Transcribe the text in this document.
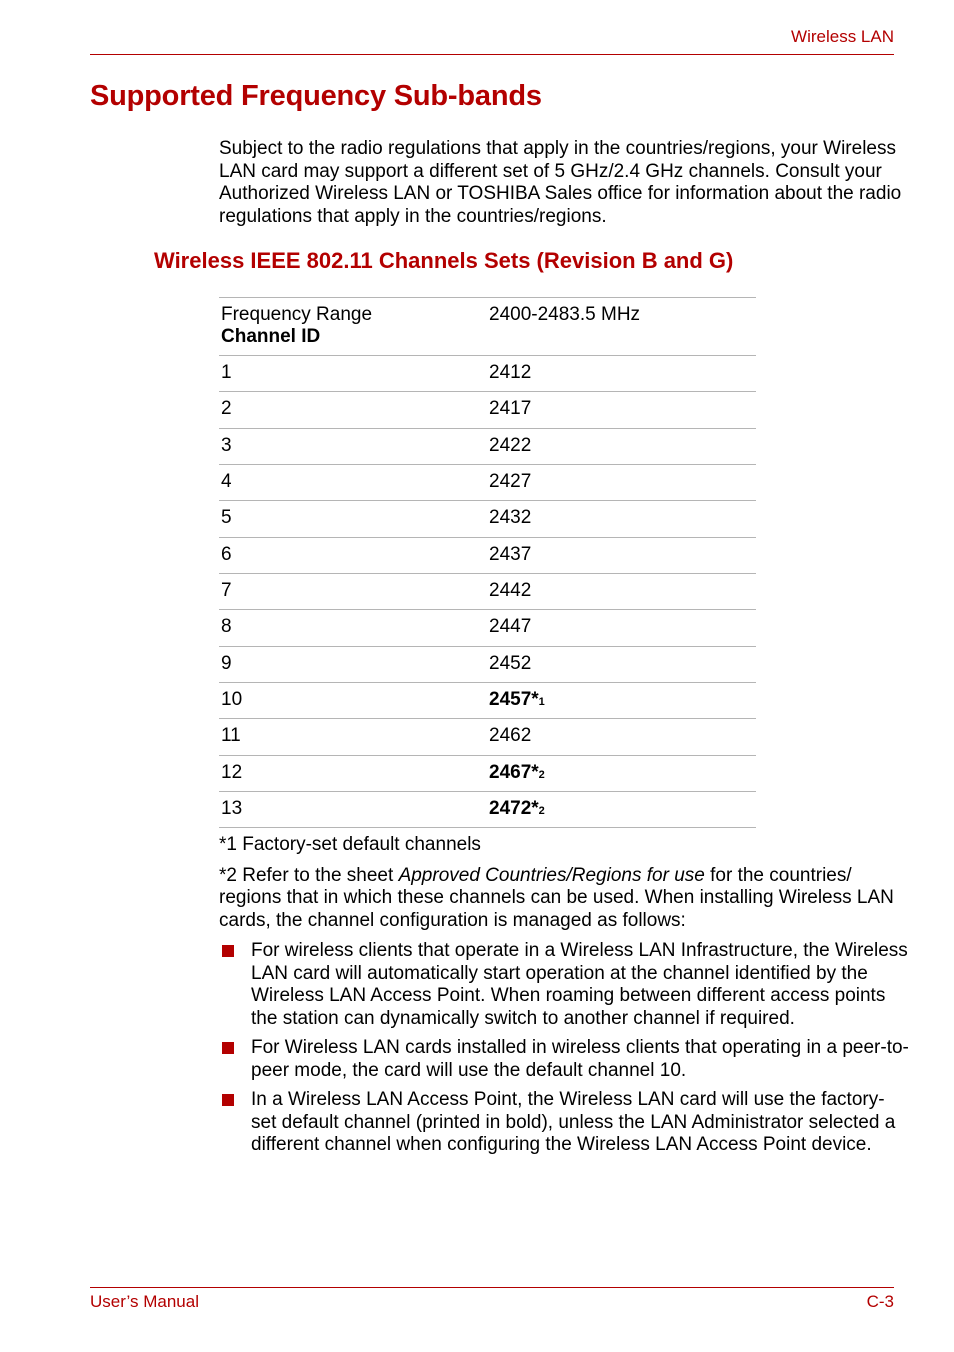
Wireless LAN
Supported Frequency Sub-bands

Subject to the radio regulations that apply in the countries/regions, your Wireless LAN card may support a different set of 5 GHz/2.4 GHz channels. Consult your Authorized Wireless LAN or TOSHIBA Sales office for information about the radio regulations that apply in the countries/regions.

Wireless IEEE 802.11 Channels Sets (Revision B and G)
Frequency Range
Channel ID	2400-2483.5 MHz
1	2412
2	2417
3	2422
4	2427
5	2432
6	2437
7	2442
8	2447
9	2452
10	2457*1
11	2462
12	2467*2
13	2472*2

*1 Factory-set default channels

*2 Refer to the sheet Approved Countries/Regions for use for the countries/ regions that in which these channels can be used. When installing Wireless LAN cards, the channel configuration is managed as follows:

For wireless clients that operate in a Wireless LAN Infrastructure, the Wireless LAN card will automatically start operation at the channel identified by the Wireless LAN Access Point. When roaming between different access points the station can dynamically switch to another channel if required.
For Wireless LAN cards installed in wireless clients that operating in a peer-to-peer mode, the card will use the default channel 10.
In a Wireless LAN Access Point, the Wireless LAN card will use the factory-set default channel (printed in bold), unless the LAN Administrator selected a different channel when configuring the Wireless LAN Access Point device.
User’s Manual	C-3
